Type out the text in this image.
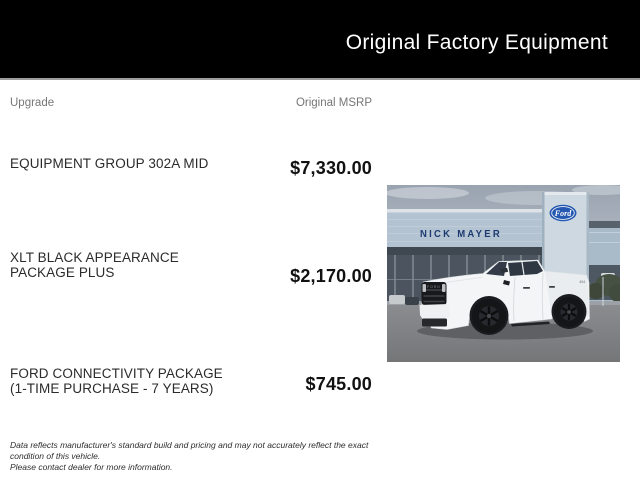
Original Factory Equipment
Upgrade	Original MSRP
EQUIPMENT GROUP 302A MID	$7,330.00
XLT BLACK APPEARANCE PACKAGE PLUS	$2,170.00
FORD CONNECTIVITY PACKAGE (1-TIME PURCHASE - 7 YEARS)	$745.00
Ford
NICK MAYER
FORD
4X4
Data reflects manufacturer's standard build and pricing and may not accurately reflect the exact condition of this vehicle.
Please contact dealer for more information.
